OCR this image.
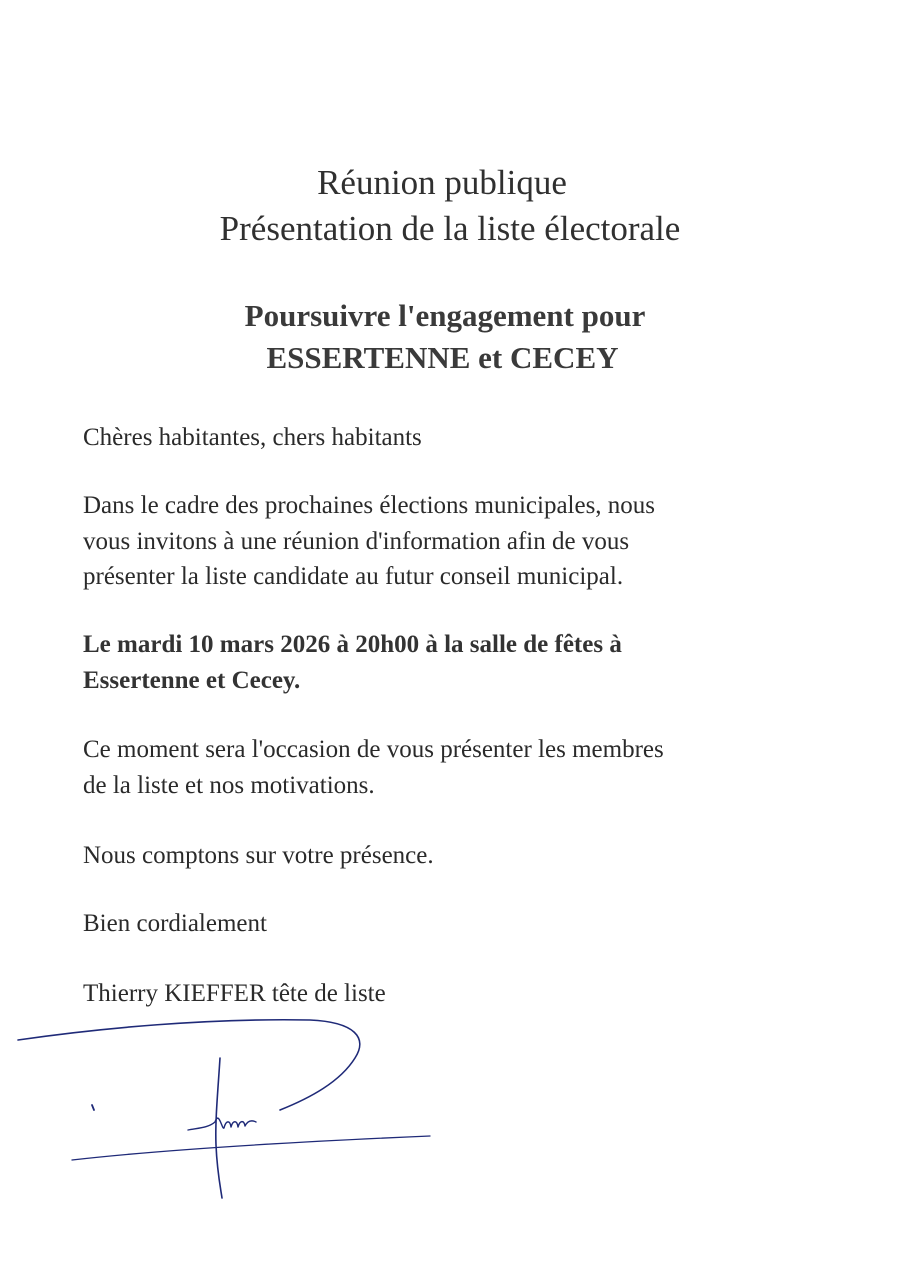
Réunion publique
Présentation de la liste électorale
Poursuivre l'engagement pour
ESSERTENNE et CECEY
Chères habitantes, chers habitants
Dans le cadre des prochaines élections municipales, nous
vous invitons à une réunion d'information afin de vous
présenter la liste candidate au futur conseil municipal.
Le mardi 10 mars 2026 à 20h00 à la salle de fêtes à
Essertenne et Cecey.
Ce moment sera l'occasion de vous présenter les membres
de la liste et nos motivations.
Nous comptons sur votre présence.
Bien cordialement
Thierry KIEFFER tête de liste
